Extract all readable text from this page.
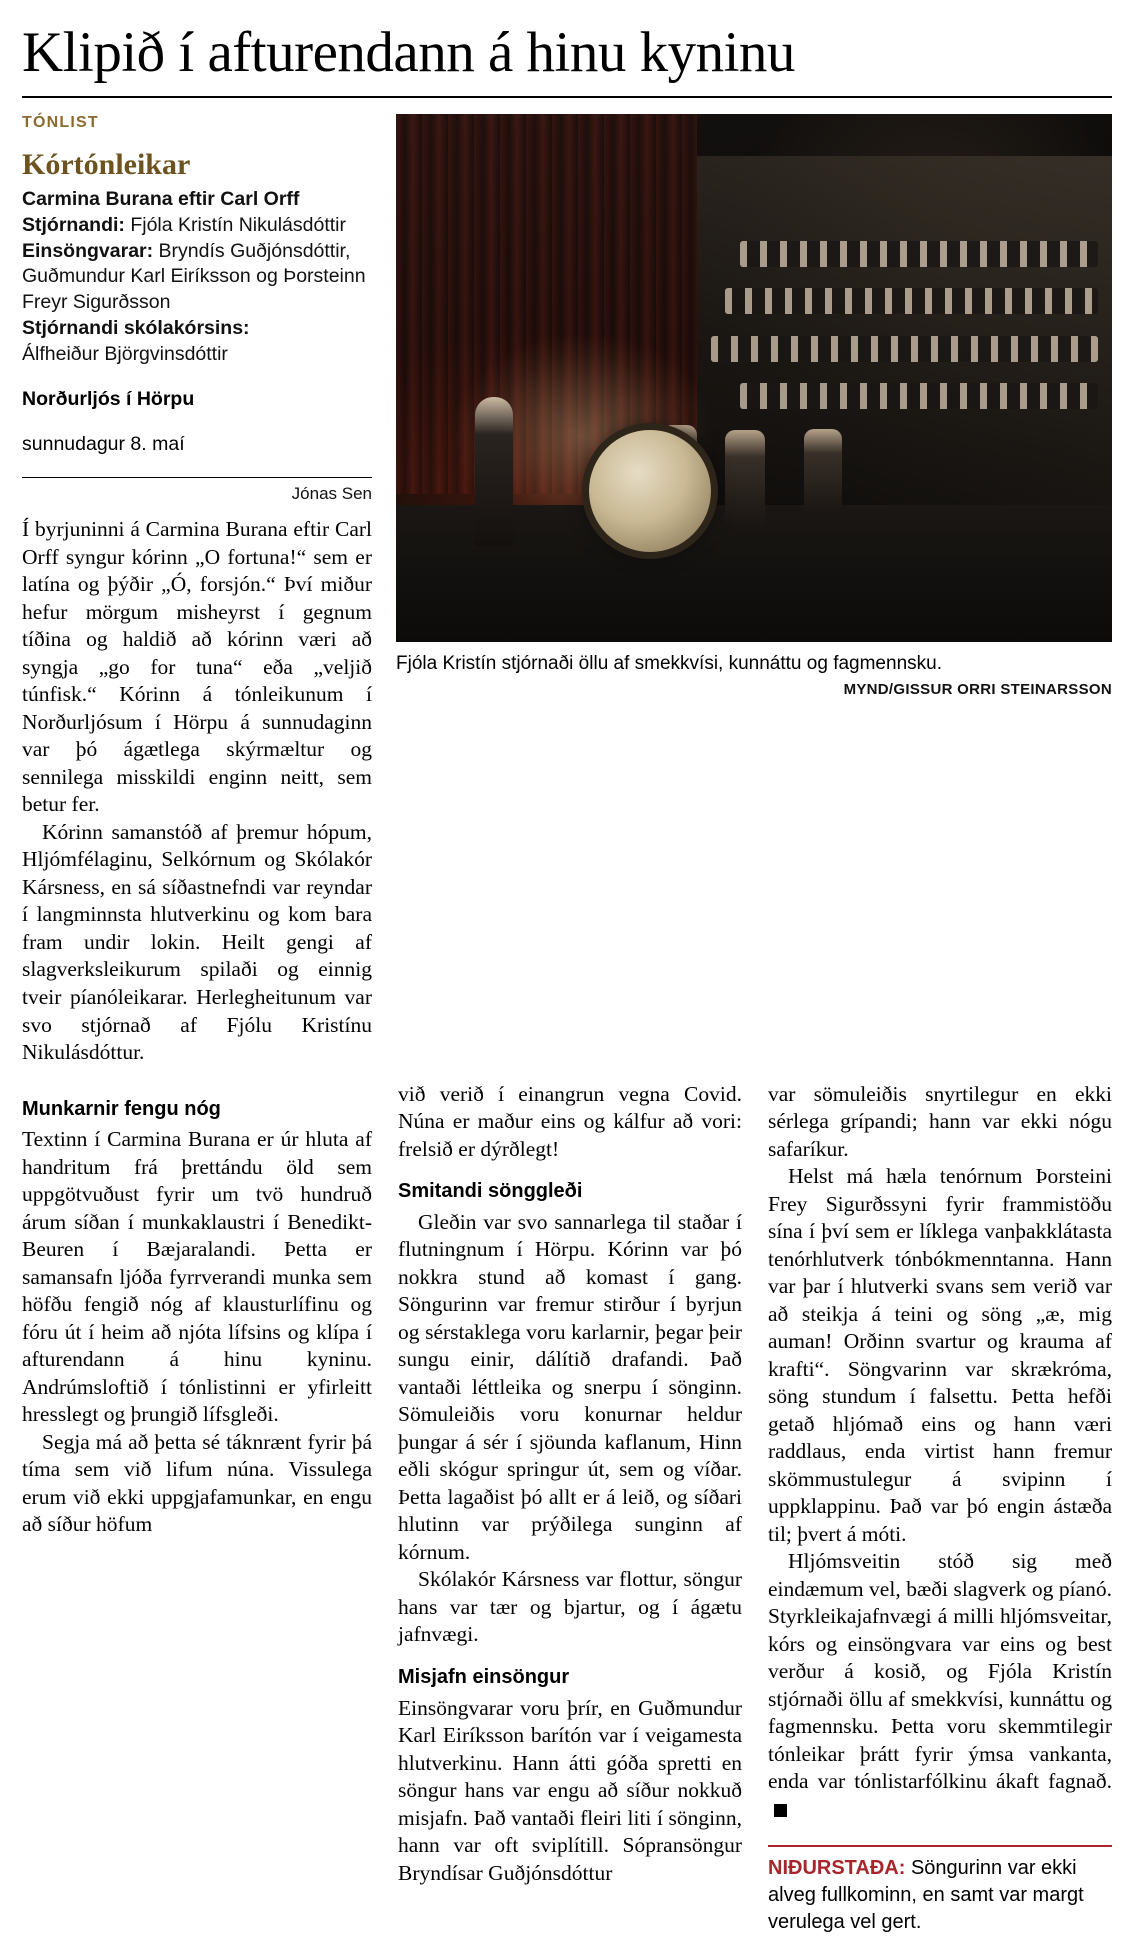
Klipið í afturendann á hinu kyninu
TÓNLIST
Kórtónleikar

Carmina Burana eftir Carl Orff

Stjórnandi: Fjóla Kristín Nikulásdóttir

Einsöngvarar: Bryndís Guðjónsdóttir, Guðmundur Karl Eiríksson og Þorsteinn Freyr Sigurðsson

Stjórnandi skólakórsins:

Álfheiður Björgvinsdóttir

Norðurljós í Hörpu

sunnudagur 8. maí

Jónas Sen

Í byrjuninni á Carmina Burana eftir Carl Orff syngur kórinn „O fortuna!“ sem er latína og þýðir „Ó, forsjón.“ Því miður hefur mörgum misheyrst í gegnum tíðina og haldið að kórinn væri að syngja „go for tuna“ eða „veljið túnfisk.“ Kórinn á tónleikunum í Norðurljósum í Hörpu á sunnudaginn var þó ágætlega skýrmæltur og sennilega misskildi enginn neitt, sem betur fer.

Kórinn samanstóð af þremur hópum, Hljómfélaginu, Selkórnum og Skólakór Kársness, en sá síðastnefndi var reyndar í langminnsta hlutverkinu og kom bara fram undir lokin. Heilt gengi af slagverksleikurum spilaði og einnig tveir píanóleikarar. Herlegheitunum var svo stjórnað af Fjólu Kristínu Nikulásdóttur.

Fjóla Kristín stjórnaði öllu af smekkvísi, kunnáttu og fagmennsku.
MYND/GISSUR ORRI STEINARSSON
Munkarnir fengu nóg

Textinn í Carmina Burana er úr hluta af handritum frá þrettándu öld sem uppgötvuðust fyrir um tvö hundruð árum síðan í munkaklaustri í Benedikt-Beuren í Bæjaralandi. Þetta er samansafn ljóða fyrrverandi munka sem höfðu fengið nóg af klausturlífinu og fóru út í heim að njóta lífsins og klípa í afturendann á hinu kyninu. Andrúmsloftið í tónlistinni er yfirleitt hresslegt og þrungið lífsgleði.

Segja má að þetta sé táknrænt fyrir þá tíma sem við lifum núna. Vissulega erum við ekki uppgjafamunkar, en engu að síður höfum

við verið í einangrun vegna Covid. Núna er maður eins og kálfur að vori: frelsið er dýrðlegt!

Smitandi sönggleði

Gleðin var svo sannarlega til staðar í flutningnum í Hörpu. Kórinn var þó nokkra stund að komast í gang. Söngurinn var fremur stirður í byrjun og sérstaklega voru karlarnir, þegar þeir sungu einir, dálítið drafandi. Það vantaði léttleika og snerpu í sönginn. Sömuleiðis voru konurnar heldur þungar á sér í sjöunda kaflanum, Hinn eðli skógur springur út, sem og víðar. Þetta lagaðist þó allt er á leið, og síðari hlutinn var prýðilega sunginn af kórnum.

Skólakór Kársness var flottur, söngur hans var tær og bjartur, og í ágætu jafnvægi.

Misjafn einsöngur

Einsöngvarar voru þrír, en Guðmundur Karl Eiríksson barítón var í veigamesta hlutverkinu. Hann átti góða spretti en söngur hans var engu að síður nokkuð misjafn. Það vantaði fleiri liti í sönginn, hann var oft sviplítill. Sópransöngur Bryndísar Guðjónsdóttur

var sömuleiðis snyrtilegur en ekki sérlega grípandi; hann var ekki nógu safaríkur.

Helst má hæla tenórnum Þorsteini Frey Sigurðssyni fyrir frammistöðu sína í því sem er líklega vanþakklátasta tenórhlutverk tónbókmenntanna. Hann var þar í hlutverki svans sem verið var að steikja á teini og söng „æ, mig auman! Orðinn svartur og krauma af krafti“. Söngvarinn var skrækróma, söng stundum í falsettu. Þetta hefði getað hljómað eins og hann væri raddlaus, enda virtist hann fremur skömmustulegur á svipinn í uppklappinu. Það var þó engin ástæða til; þvert á móti.

Hljómsveitin stóð sig með eindæmum vel, bæði slagverk og píanó. Styrkleikajafnvægi á milli hljómsveitar, kórs og einsöngvara var eins og best verður á kosið, og Fjóla Kristín stjórnaði öllu af smekkvísi, kunnáttu og fagmennsku. Þetta voru skemmtilegir tónleikar þrátt fyrir ýmsa vankanta, enda var tónlistarfólkinu ákaft fagnað.

NIÐURSTAÐA: Söngurinn var ekki alveg fullkominn, en samt var margt verulega vel gert.
